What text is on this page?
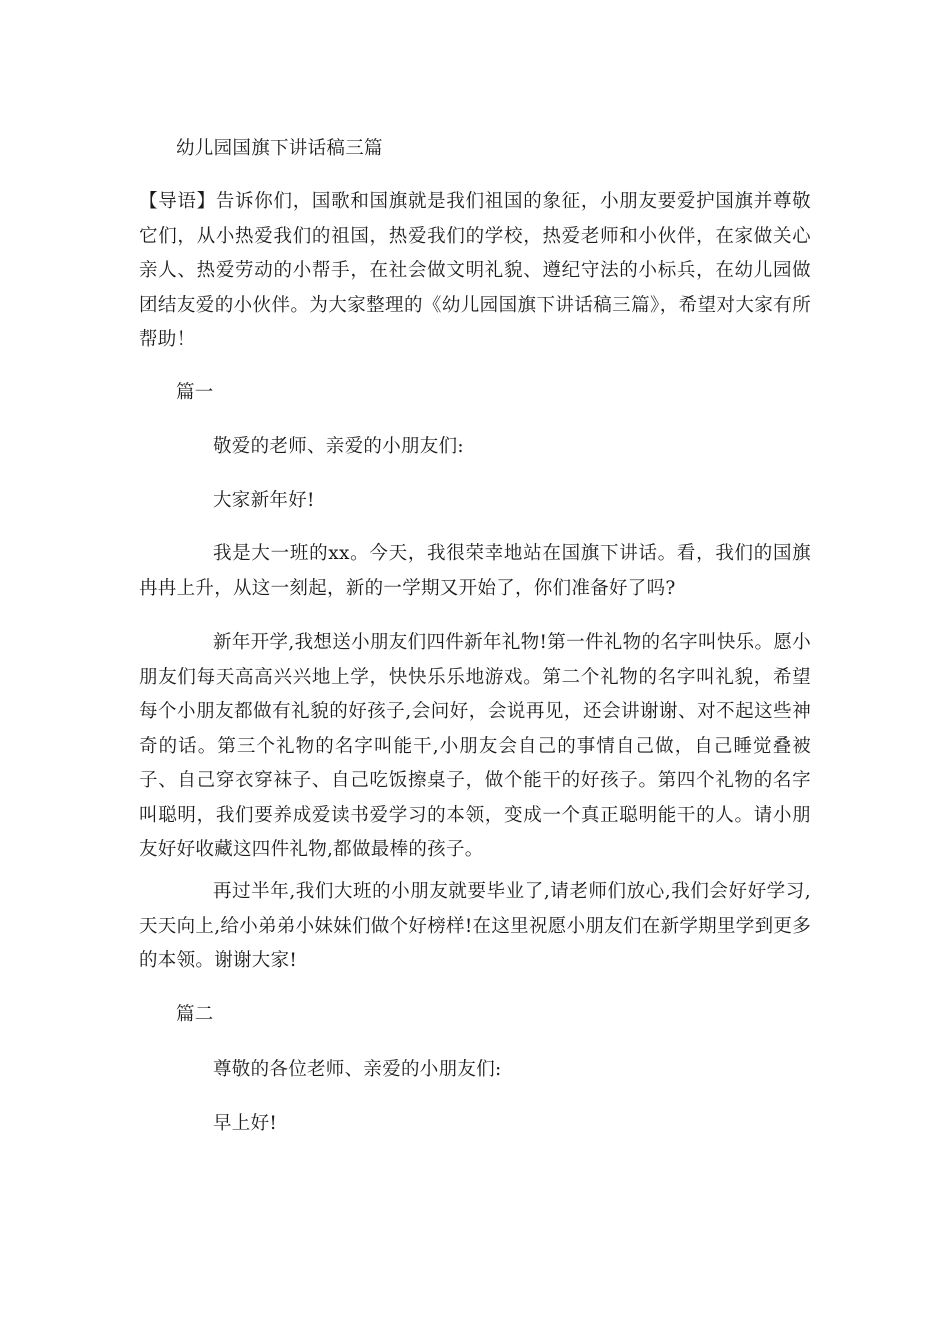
幼儿园国旗下讲话稿三篇
【导语】告诉你们，国歌和国旗就是我们祖国的象征，小朋友要爱护国旗并尊敬它们，从小热爱我们的祖国，热爱我们的学校，热爱老师和小伙伴，在家做关心亲人、热爱劳动的小帮手，在社会做文明礼貌、遵纪守法的小标兵，在幼儿园做团结友爱的小伙伴。为大家整理的《幼儿园国旗下讲话稿三篇》，希望对大家有所帮助！
篇一
敬爱的老师、亲爱的小朋友们:
大家新年好!
我是大一班的xx。今天，我很荣幸地站在国旗下讲话。看，我们的国旗冉冉上升，从这一刻起，新的一学期又开始了，你们准备好了吗?
新年开学,我想送小朋友们四件新年礼物!第一件礼物的名字叫快乐。愿小朋友们每天高高兴兴地上学，快快乐乐地游戏。第二个礼物的名字叫礼貌，希望每个小朋友都做有礼貌的好孩子,会问好，会说再见，还会讲谢谢、对不起这些神奇的话。第三个礼物的名字叫能干,小朋友会自己的事情自己做，自己睡觉叠被子、自己穿衣穿袜子、自己吃饭擦桌子，做个能干的好孩子。第四个礼物的名字叫聪明，我们要养成爱读书爱学习的本领，变成一个真正聪明能干的人。请小朋友好好收藏这四件礼物,都做最棒的孩子。
再过半年,我们大班的小朋友就要毕业了,请老师们放心,我们会好好学习,天天向上,给小弟弟小妹妹们做个好榜样!在这里祝愿小朋友们在新学期里学到更多的本领。谢谢大家!
篇二
尊敬的各位老师、亲爱的小朋友们:
早上好!
